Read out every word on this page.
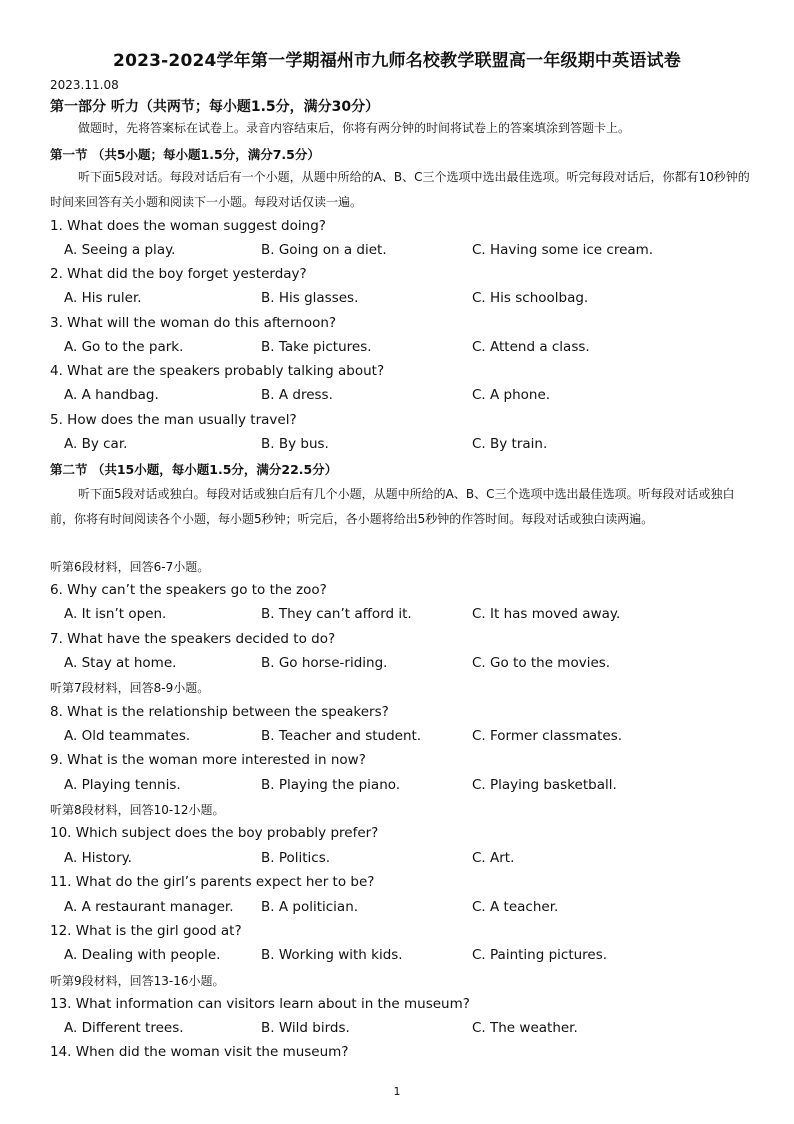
2023-2024学年第一学期福州市九师名校教学联盟高一年级期中英语试卷
2023.11.08
第一部分 听力（共两节；每小题1.5分，满分30分）
做题时，先将答案标在试卷上。录音内容结束后，你将有两分钟的时间将试卷上的答案填涂到答题卡上。
第一节 （共5小题；每小题1.5分，满分7.5分）
听下面5段对话。每段对话后有一个小题，从题中所给的A、B、C三个选项中选出最佳选项。听完每段对话后，你都有10秒钟的时间来回答有关小题和阅读下一小题。每段对话仅读一遍。
1. What does the woman suggest doing?
A. Seeing a play.	B. Going on a diet.	C. Having some ice cream.
2. What did the boy forget yesterday?
A. His ruler.	B. His glasses.	C. His schoolbag.
3. What will the woman do this afternoon?
A. Go to the park.	B. Take pictures.	C. Attend a class.
4. What are the speakers probably talking about?
A. A handbag.	B. A dress.	C. A phone.
5. How does the man usually travel?
A. By car.	B. By bus.	C. By train.
第二节 （共15小题，每小题1.5分，满分22.5分）
听下面5段对话或独白。每段对话或独白后有几个小题，从题中所给的A、B、C三个选项中选出最佳选项。听每段对话或独白前，你将有时间阅读各个小题，每小题5秒钟；听完后，各小题将给出5秒钟的作答时间。每段对话或独白读两遍。
听第6段材料，回答6-7小题。
6. Why can’t the speakers go to the zoo?
A. It isn’t open.	B. They can’t afford it.	C. It has moved away.
7. What have the speakers decided to do?
A. Stay at home.	B. Go horse-riding.	C. Go to the movies.
听第7段材料，回答8-9小题。
8. What is the relationship between the speakers?
A. Old teammates.	B. Teacher and student.	C. Former classmates.
9. What is the woman more interested in now?
A. Playing tennis.	B. Playing the piano.	C. Playing basketball.
听第8段材料，回答10-12小题。
10. Which subject does the boy probably prefer?
A. History.	B. Politics.	C. Art.
11. What do the girl’s parents expect her to be?
A. A restaurant manager. B. A politician.	C. A teacher.
12. What is the girl good at?
A. Dealing with people.	B. Working with kids.	C. Painting pictures.
听第9段材料，回答13-16小题。
13. What information can visitors learn about in the museum?
A. Different trees.	B. Wild birds.	C. The weather.
14. When did the woman visit the museum?
1
